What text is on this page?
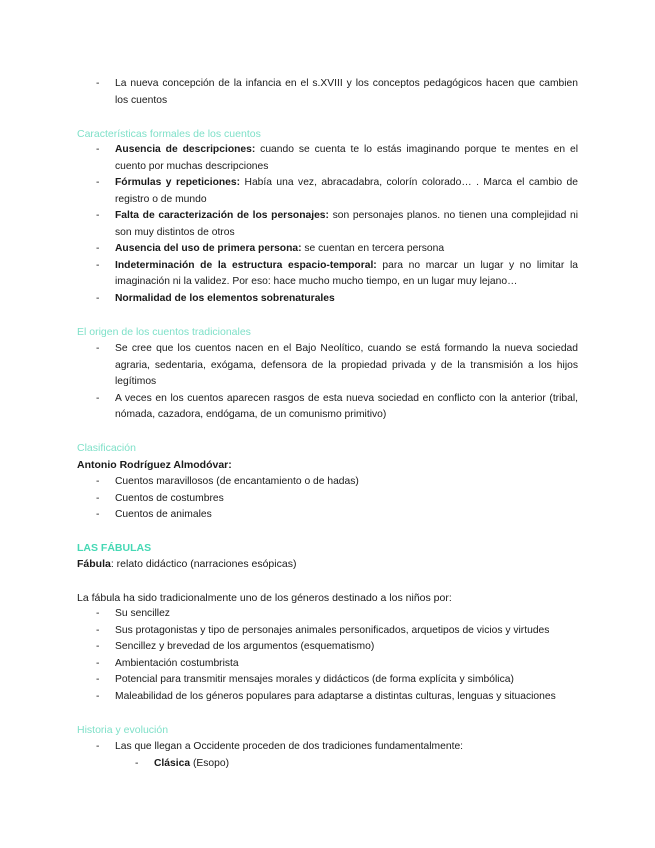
- La nueva concepción de la infancia en el s.XVIII y los conceptos pedagógicos hacen que cambien los cuentos
Características formales de los cuentos
- Ausencia de descripciones: cuando se cuenta te lo estás imaginando porque te mentes en el cuento por muchas descripciones
- Fórmulas y repeticiones: Había una vez, abracadabra, colorín colorado… . Marca el cambio de registro o de mundo
- Falta de caracterización de los personajes: son personajes planos. no tienen una complejidad ni son muy distintos de otros
- Ausencia del uso de primera persona: se cuentan en tercera persona
- Indeterminación de la estructura espacio-temporal: para no marcar un lugar y no limitar la imaginación ni la validez. Por eso: hace mucho mucho tiempo, en un lugar muy lejano…
- Normalidad de los elementos sobrenaturales
El origen de los cuentos tradicionales
- Se cree que los cuentos nacen en el Bajo Neolítico, cuando se está formando la nueva sociedad agraria, sedentaria, exógama, defensora de la propiedad privada y de la transmisión a los hijos legítimos
- A veces en los cuentos aparecen rasgos de esta nueva sociedad en conflicto con la anterior (tribal, nómada, cazadora, endógama, de un comunismo primitivo)
Clasificación
Antonio Rodríguez Almodóvar:
- Cuentos maravillosos (de encantamiento o de hadas)
- Cuentos de costumbres
- Cuentos de animales
LAS FÁBULAS
Fábula: relato didáctico (narraciones esópicas)
La fábula ha sido tradicionalmente uno de los géneros destinado a los niños por:
- Su sencillez
- Sus protagonistas y tipo de personajes animales personificados, arquetipos de vicios y virtudes
- Sencillez y brevedad de los argumentos (esquematismo)
- Ambientación costumbrista
- Potencial para transmitir mensajes morales y didácticos (de forma explícita y simbólica)
- Maleabilidad de los géneros populares para adaptarse a distintas culturas, lenguas y situaciones
Historia y evolución
- Las que llegan a Occidente proceden de dos tradiciones fundamentalmente:
- Clásica (Esopo)
